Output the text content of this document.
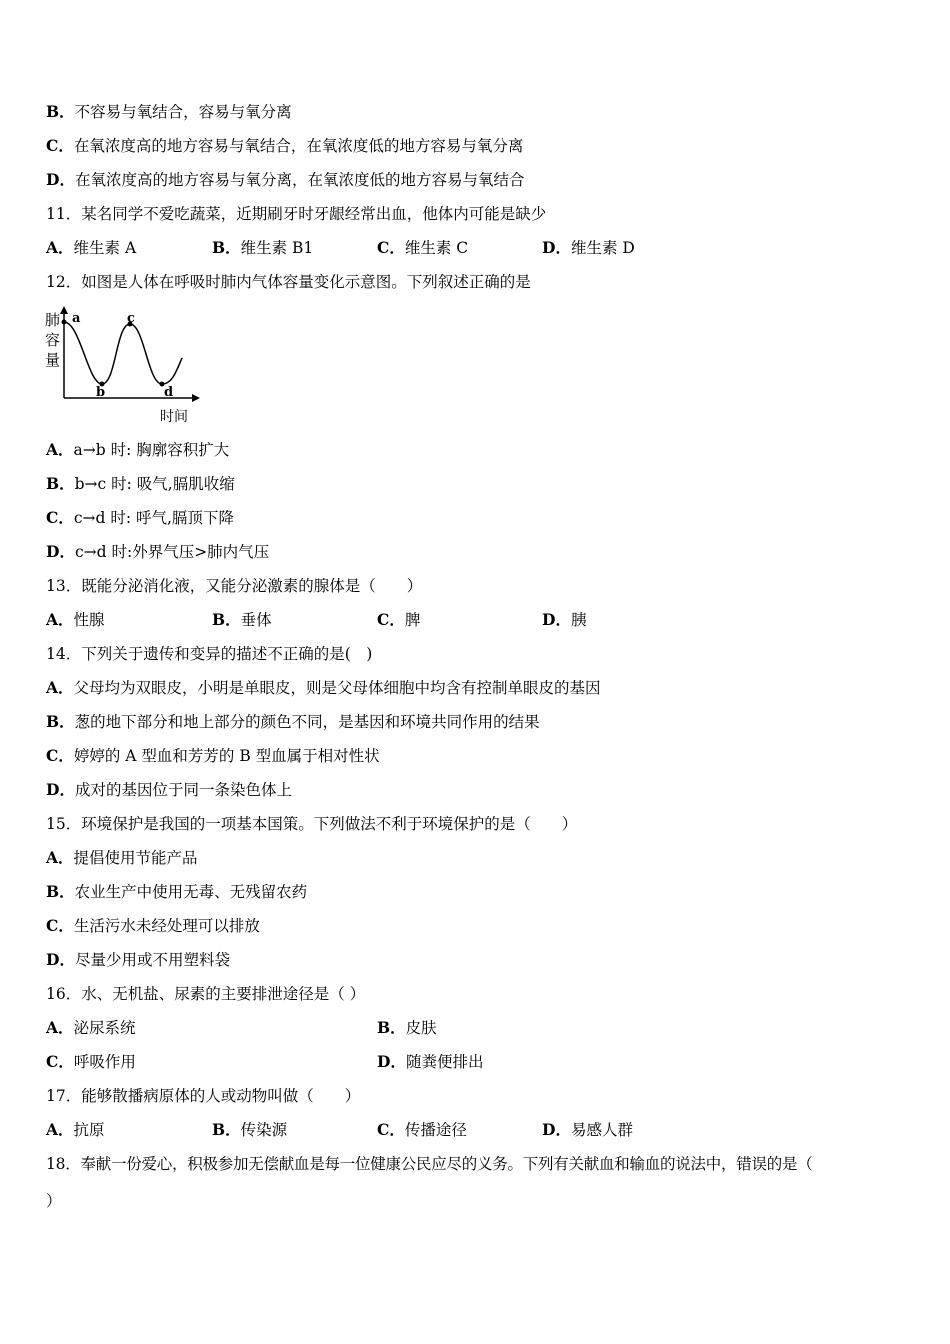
B．不容易与氧结合，容易与氧分离
C．在氧浓度高的地方容易与氧结合，在氧浓度低的地方容易与氧分离
D．在氧浓度高的地方容易与氧分离，在氧浓度低的地方容易与氧结合
11．某名同学不爱吃蔬菜，近期刷牙时牙龈经常出血，他体内可能是缺少
A．维生素 A	B．维生素 B1	C．维生素 C	D．维生素 D
12．如图是人体在呼吸时肺内气体容量变化示意图。下列叙述正确的是
肺
容
量
a
b
c
d
时间
A．a→b 时: 胸廓容积扩大
B．b→c 时: 吸气,膈肌收缩
C．c→d 时: 呼气,膈顶下降
D．c→d 时:外界气压>肺内气压
13．既能分泌消化液，又能分泌激素的腺体是（　　）
A．性腺	B．垂体	C．脾	D．胰
14．下列关于遗传和变异的描述不正确的是(　)
A．父母均为双眼皮，小明是单眼皮，则是父母体细胞中均含有控制单眼皮的基因
B．葱的地下部分和地上部分的颜色不同，是基因和环境共同作用的结果
C．婷婷的 A 型血和芳芳的 B 型血属于相对性状
D．成对的基因位于同一条染色体上
15．环境保护是我国的一项基本国策。下列做法不利于环境保护的是（　　）
A．提倡使用节能产品
B．农业生产中使用无毒、无残留农药
C．生活污水未经处理可以排放
D．尽量少用或不用塑料袋
16．水、无机盐、尿素的主要排泄途径是（ ）
A．泌尿系统	B．皮肤
C．呼吸作用	D．随粪便排出
17．能够散播病原体的人或动物叫做（　　）
A．抗原	B．传染源	C．传播途径	D．易感人群
18．奉献一份爱心，积极参加无偿献血是每一位健康公民应尽的义务。下列有关献血和输血的说法中，错误的是（
）
